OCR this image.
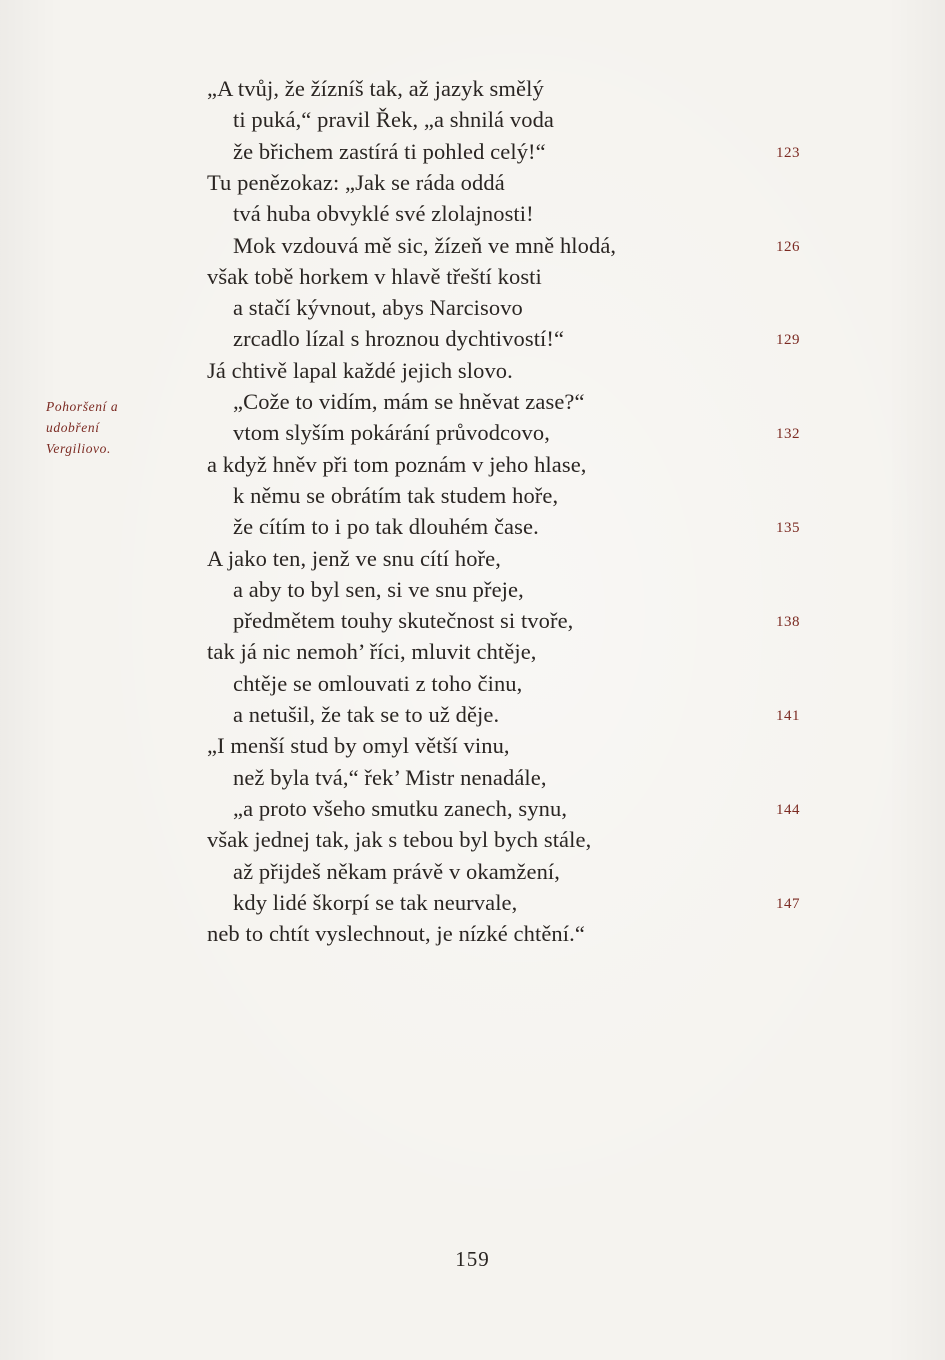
Pohoršení a
udobření
Vergiliovo.
„A tvůj, že žízníš tak, až jazyk smělý
ti puká,“ pravil Řek, „a shnilá voda
že břichem zastírá ti pohled celý!“
Tu penězokaz: „Jak se ráda oddá
tvá huba obvyklé své zlolajnosti!
Mok vzdouvá mě sic, žízeň ve mně hlodá,
však tobě horkem v hlavě třeští kosti
a stačí kývnout, abys Narcisovo
zrcadlo lízal s hroznou dychtivostí!“
Já chtivě lapal každé jejich slovo.
„Cože to vidím, mám se hněvat zase?“
vtom slyším pokárání průvodcovo,
a když hněv při tom poznám v jeho hlase,
k němu se obrátím tak studem hoře,
že cítím to i po tak dlouhém čase.
A jako ten, jenž ve snu cítí hoře,
a aby to byl sen, si ve snu přeje,
předmětem touhy skutečnost si tvoře,
tak já nic nemoh’ říci, mluvit chtěje,
chtěje se omlouvati z toho činu,
a netušil, že tak se to už děje.
„I menší stud by omyl větší vinu,
než byla tvá,“ řek’ Mistr nenadále,
„a proto všeho smutku zanech, synu,
však jednej tak, jak s tebou byl bych stále,
až přijdeš někam právě v okamžení,
kdy lidé škorpí se tak neurvale,
neb to chtít vyslechnout, je nízké chtění.“
123
126
129
132
135
138
141
144
147
159
